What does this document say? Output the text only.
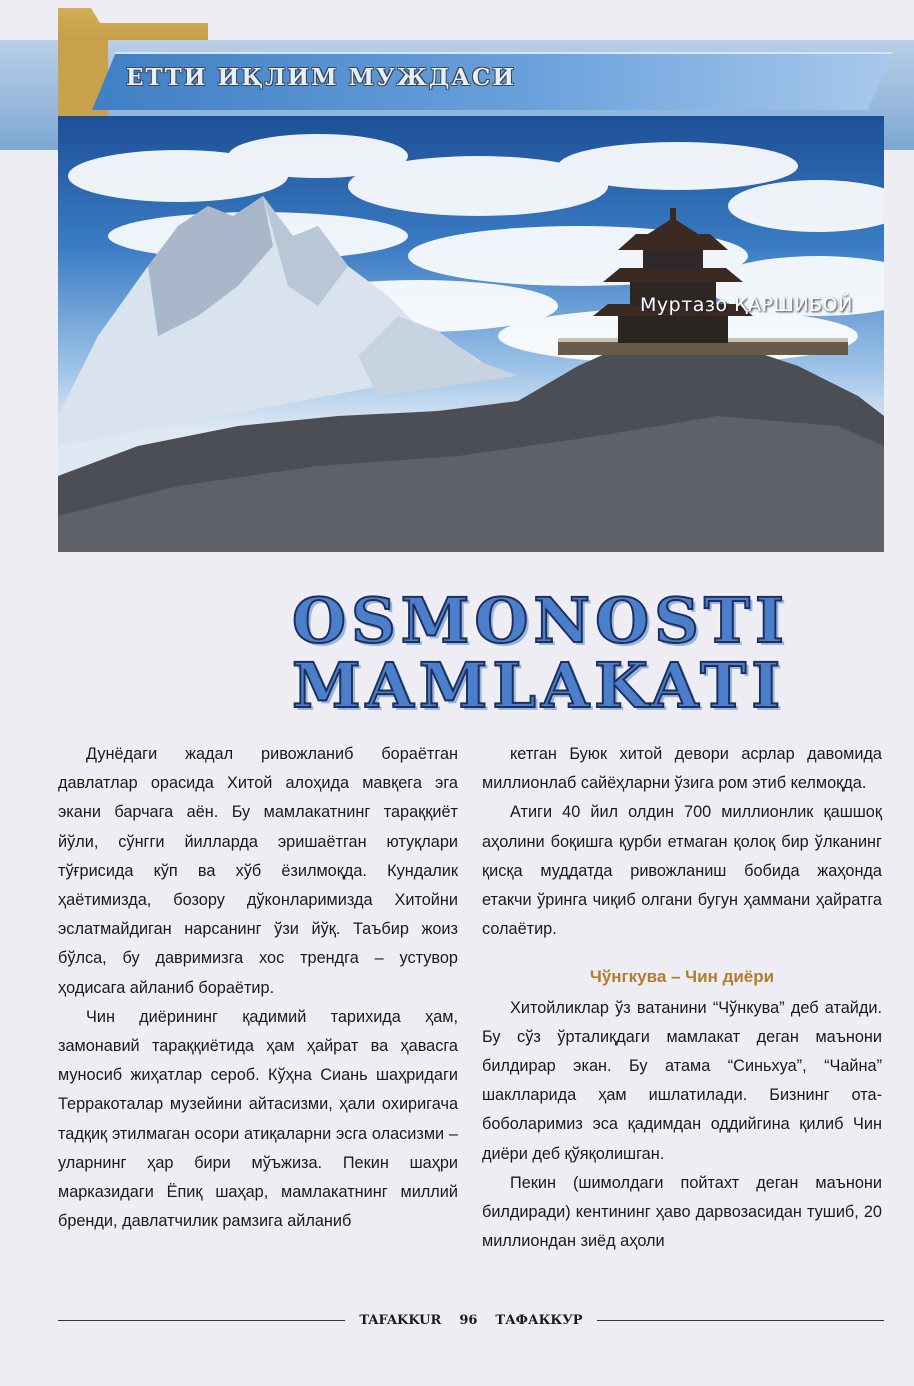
ЕТТИ ИҚЛИМ МУЖДАСИ
Муртазо ҚАРШИБОЙ
OSMONOSTI
MAMLAKATI

Дунёдаги жадал ривожланиб бораётган давлатлар орасида Хитой алоҳида мавқега эга экани барчага аён. Бу мамлакатнинг тараққиёт йўли, сўнгги йилларда эришаётган ютуқлари тўғрисида кўп ва хўб ёзилмоқда. Кундалик ҳаётимизда, бозору дўконларимизда Хитойни эслатмайдиган нарсанинг ўзи йўқ. Таъбир жоиз бўлса, бу давримизга хос трендга – устувор ҳодисага айланиб бораётир.

Чин диёрининг қадимий тарихида ҳам, замонавий тараққиётида ҳам ҳайрат ва ҳавасга муносиб жиҳатлар сероб. Кўҳна Сиань шаҳридаги Терракоталар музейини айтасизми, ҳали охиригача тадқиқ этилмаган осори атиқаларни эсга оласизми – уларнинг ҳар бири мўъжиза. Пекин шаҳри марказидаги Ёпиқ шаҳар, мамлакатнинг миллий бренди, давлатчилик рамзига айланиб

кетган Буюк хитой девори асрлар давомида миллионлаб сайёҳларни ўзига ром этиб келмоқда.

Атиги 40 йил олдин 700 миллионлик қашшоқ аҳолини боқишга қурби етмаган қолоқ бир ўлканинг қисқа муддатда ривожланиш бобида жаҳонда етакчи ўринга чиқиб олгани бугун ҳаммани ҳайратга солаётир.

Чўнгкува – Чин диёри

Хитойликлар ўз ватанини “Чўнкува” деб атайди. Бу сўз ўрталиқдаги мамлакат деган маънони билдирар экан. Бу атама “Синьхуа”, “Чайна” шаклларида ҳам ишлатилади. Бизнинг ота-боболаримиз эса қадимдан оддийгина қилиб Чин диёри деб қўяқолишган.

Пекин (шимолдаги пойтахт деган маънони билдиради) кентининг ҳаво дарвозасидан тушиб, 20 миллиондан зиёд аҳоли

TAFAKKUR	96	ТАФАККУР
